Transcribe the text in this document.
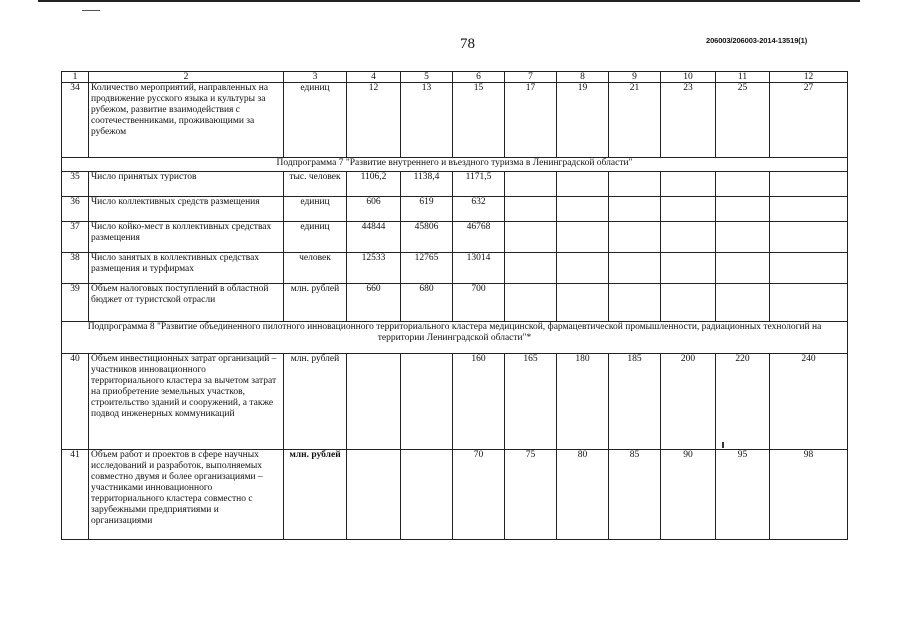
78	206003/206003-2014-13519(1)
1	2	3	4	5	6	7	8	9	10	11	12
34	Количество мероприятий, направленных на продвижение русского языка и культуры за рубежом, развитие взаимодействия с соотечественниками, проживающими за рубежом	единиц	12	13	15	17	19	21	23	25	27
Подпрограмма 7 "Развитие внутреннего и въездного туризма в Ленинградской области"											
35	Число принятых туристов	тыс. человек	1106,2	1138,4	1171,5						
36	Число коллективных средств размещения	единиц	606	619	632						
37	Число койко-мест в коллективных средствах размещения	единиц	44844	45806	46768						
38	Число занятых в коллективных средствах размещения и турфирмах	человек	12533	12765	13014						
39	Объем налоговых поступлений в областной бюджет от туристской отрасли	млн. рублей	660	680	700						
Подпрограмма 8 "Развитие объединенного пилотного инновационного территориального кластера медицинской, фармацевтической промышленности, радиационных технологий на территории Ленинградской области"*											
40	Объем инвестиционных затрат организаций – участников инновационного территориального кластера за вычетом затрат на приобретение земельных участков, строительство зданий и сооружений, а также подвод инженерных коммуникаций	млн. рублей			160	165	180	185	200	220	240
41	Объем работ и проектов в сфере научных исследований и разработок, выполняемых совместно двумя и более организациями – участниками инновационного территориального кластера совместно с зарубежными предприятиями и организациями	млн. рублей			70	75	80	85	90	95	98
